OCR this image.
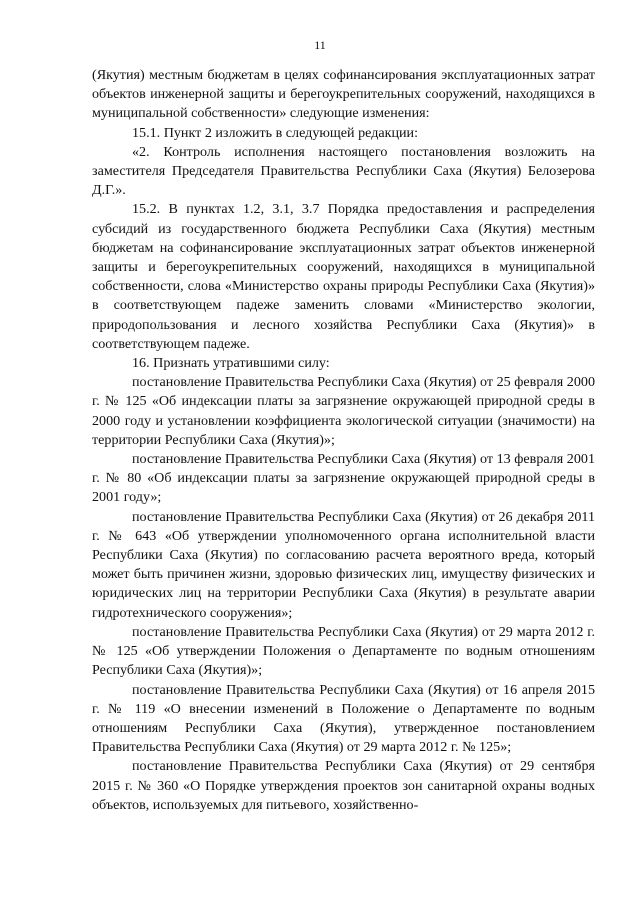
11

(Якутия) местным бюджетам в целях софинансирования эксплуатационных затрат объектов инженерной защиты и берегоукрепительных сооружений, находящихся в муниципальной собственности» следующие изменения:

15.1. Пункт 2 изложить в следующей редакции:

«2. Контроль исполнения настоящего постановления возложить на заместителя Председателя Правительства Республики Саха (Якутия) Белозерова Д.Г.».

15.2. В пунктах 1.2, 3.1, 3.7 Порядка предоставления и распределения субсидий из государственного бюджета Республики Саха (Якутия) местным бюджетам на софинансирование эксплуатационных затрат объектов инженерной защиты и берегоукрепительных сооружений, находящихся в муниципальной собственности, слова «Министерство охраны природы Республики Саха (Якутия)» в соответствующем падеже заменить словами «Министерство экологии, природопользования и лесного хозяйства Республики Саха (Якутия)» в соответствующем падеже.

16. Признать утратившими силу:

постановление Правительства Республики Саха (Якутия) от 25 февраля 2000 г. № 125 «Об индексации платы за загрязнение окружающей природной среды в 2000 году и установлении коэффициента экологической ситуации (значимости) на территории Республики Саха (Якутия)»;

постановление Правительства Республики Саха (Якутия) от 13 февраля 2001 г. № 80 «Об индексации платы за загрязнение окружающей природной среды в 2001 году»;

постановление Правительства Республики Саха (Якутия) от 26 декабря 2011 г. № 643 «Об утверждении уполномоченного органа исполнительной власти Республики Саха (Якутия) по согласованию расчета вероятного вреда, который может быть причинен жизни, здоровью физических лиц, имуществу физических и юридических лиц на территории Республики Саха (Якутия) в результате аварии гидротехнического сооружения»;

постановление Правительства Республики Саха (Якутия) от 29 марта 2012 г. № 125 «Об утверждении Положения о Департаменте по водным отношениям Республики Саха (Якутия)»;

постановление Правительства Республики Саха (Якутия) от 16 апреля 2015 г. № 119 «О внесении изменений в Положение о Департаменте по водным отношениям Республики Саха (Якутия), утвержденное постановлением Правительства Республики Саха (Якутия) от 29 марта 2012 г. № 125»;

постановление Правительства Республики Саха (Якутия) от 29 сентября 2015 г. № 360 «О Порядке утверждения проектов зон санитарной охраны водных объектов, используемых для питьевого, хозяйственно-
